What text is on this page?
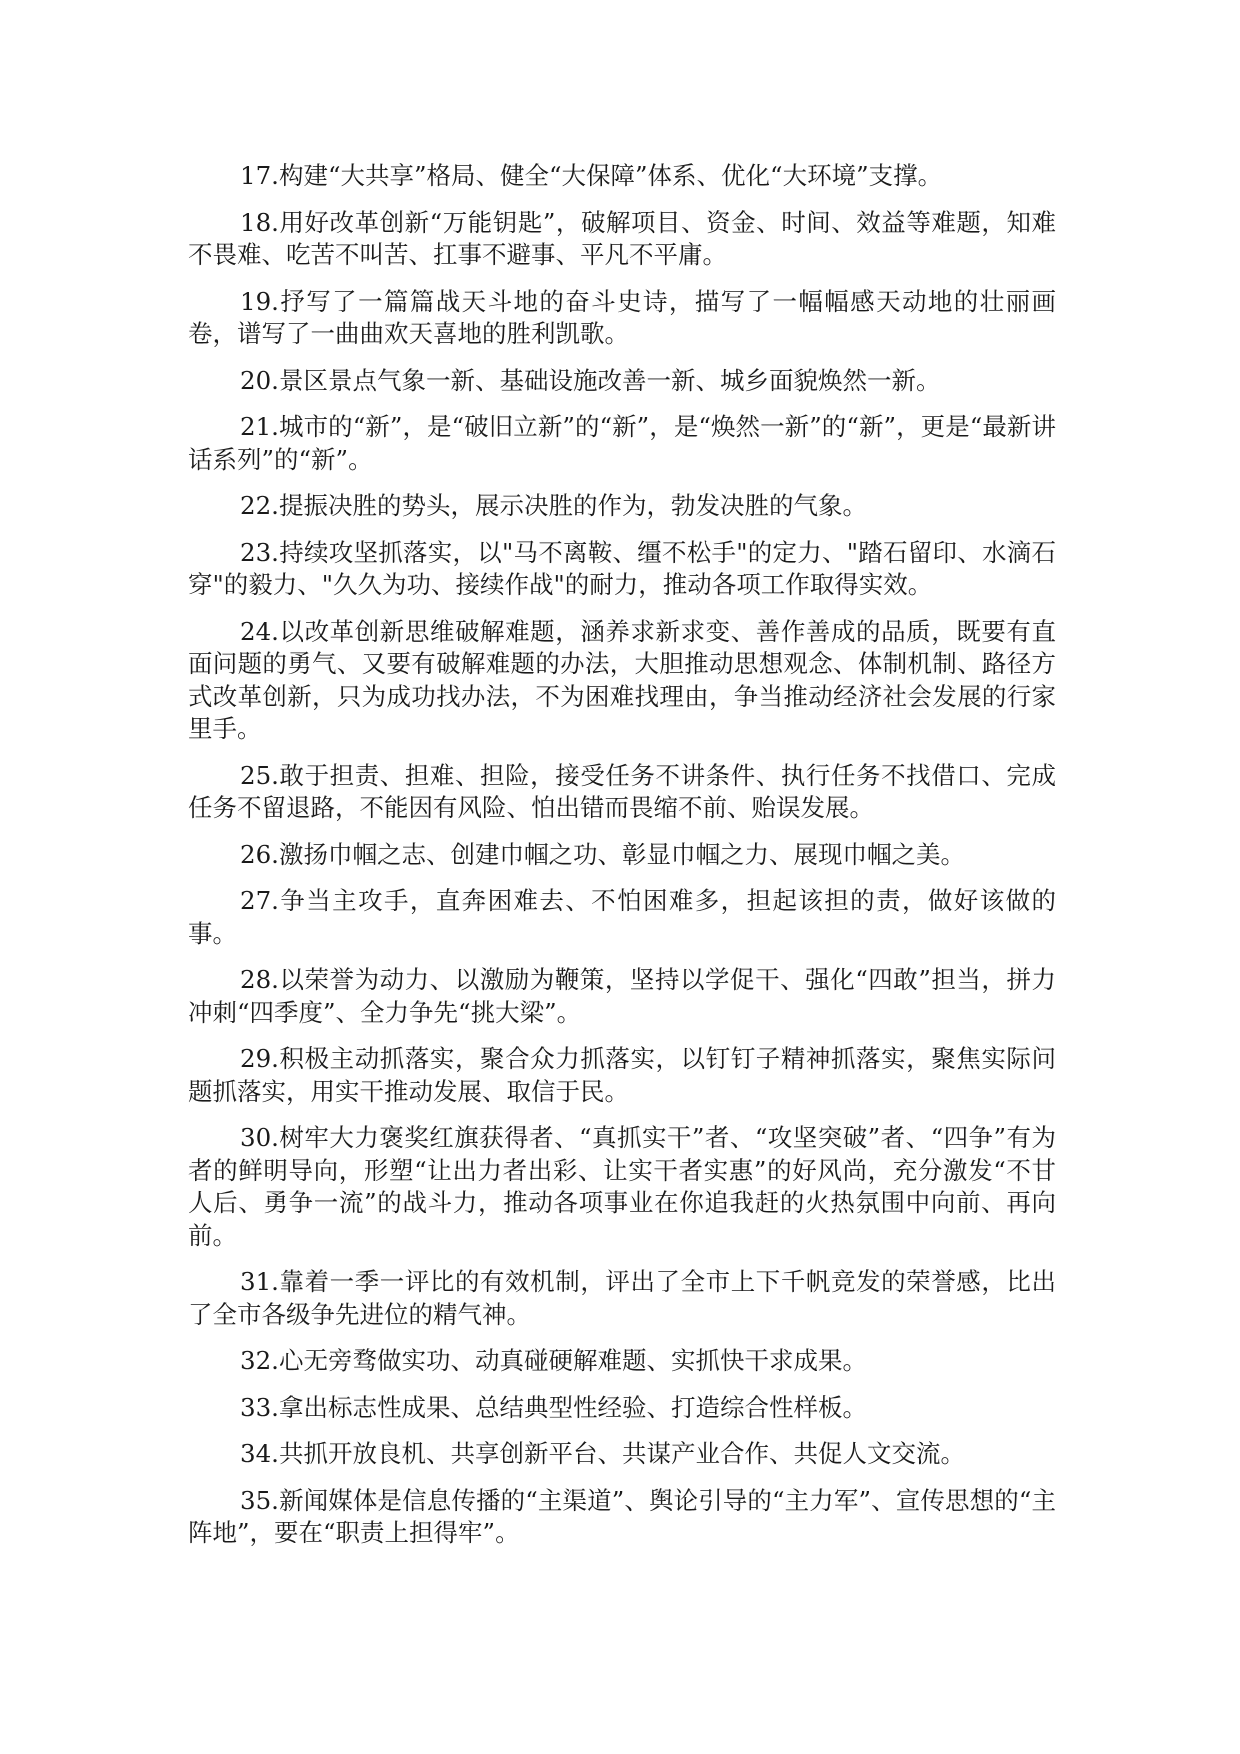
17.构建“大共享”格局、健全“大保障”体系、优化“大环境”支撑。

18.用好改革创新“万能钥匙”，破解项目、资金、时间、效益等难题，知难不畏难、吃苦不叫苦、扛事不避事、平凡不平庸。

19.抒写了一篇篇战天斗地的奋斗史诗，描写了一幅幅感天动地的壮丽画卷，谱写了一曲曲欢天喜地的胜利凯歌。

20.景区景点气象一新、基础设施改善一新、城乡面貌焕然一新。

21.城市的“新”，是“破旧立新”的“新”，是“焕然一新”的“新”，更是“最新讲话系列”的“新”。

22.提振决胜的势头，展示决胜的作为，勃发决胜的气象。

23.持续攻坚抓落实，以"马不离鞍、缰不松手"的定力、"踏石留印、水滴石穿"的毅力、"久久为功、接续作战"的耐力，推动各项工作取得实效。

24.以改革创新思维破解难题，涵养求新求变、善作善成的品质，既要有直面问题的勇气、又要有破解难题的办法，大胆推动思想观念、体制机制、路径方式改革创新，只为成功找办法，不为困难找理由，争当推动经济社会发展的行家里手。

25.敢于担责、担难、担险，接受任务不讲条件、执行任务不找借口、完成任务不留退路，不能因有风险、怕出错而畏缩不前、贻误发展。

26.激扬巾帼之志、创建巾帼之功、彰显巾帼之力、展现巾帼之美。

27.争当主攻手，直奔困难去、不怕困难多，担起该担的责，做好该做的事。

28.以荣誉为动力、以激励为鞭策，坚持以学促干、强化“四敢”担当，拼力冲刺“四季度”、全力争先“挑大梁”。

29.积极主动抓落实，聚合众力抓落实，以钉钉子精神抓落实，聚焦实际问题抓落实，用实干推动发展、取信于民。

30.树牢大力褒奖红旗获得者、“真抓实干”者、“攻坚突破”者、“四争”有为者的鲜明导向，形塑“让出力者出彩、让实干者实惠”的好风尚，充分激发“不甘人后、勇争一流”的战斗力，推动各项事业在你追我赶的火热氛围中向前、再向前。

31.靠着一季一评比的有效机制，评出了全市上下千帆竞发的荣誉感，比出了全市各级争先进位的精气神。

32.心无旁骛做实功、动真碰硬解难题、实抓快干求成果。

33.拿出标志性成果、总结典型性经验、打造综合性样板。

34.共抓开放良机、共享创新平台、共谋产业合作、共促人文交流。

35.新闻媒体是信息传播的“主渠道”、舆论引导的“主力军”、宣传思想的“主阵地”，要在“职责上担得牢”。
